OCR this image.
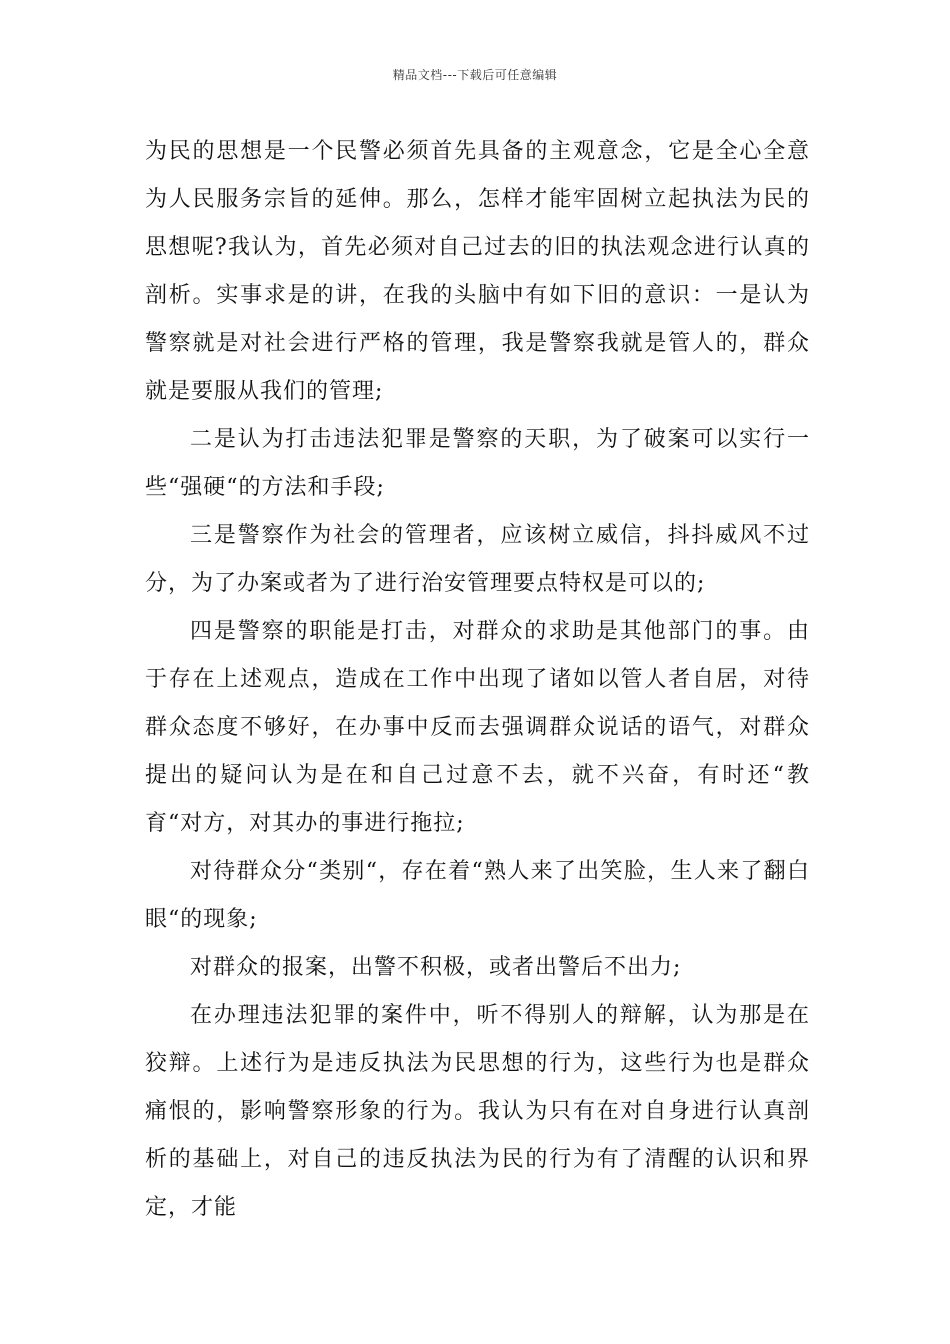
精品文档---下载后可任意编辑

为民的思想是一个民警必须首先具备的主观意念，它是全心全意为人民服务宗旨的延伸。那么，怎样才能牢固树立起执法为民的思想呢?我认为，首先必须对自己过去的旧的执法观念进行认真的剖析。实事求是的讲，在我的头脑中有如下旧的意识：一是认为警察就是对社会进行严格的管理，我是警察我就是管人的，群众就是要服从我们的管理;

二是认为打击违法犯罪是警察的天职，为了破案可以实行一些“强硬“的方法和手段;

三是警察作为社会的管理者，应该树立威信，抖抖威风不过分，为了办案或者为了进行治安管理要点特权是可以的;

四是警察的职能是打击，对群众的求助是其他部门的事。由于存在上述观点，造成在工作中出现了诸如以管人者自居，对待群众态度不够好，在办事中反而去强调群众说话的语气，对群众提出的疑问认为是在和自己过意不去，就不兴奋，有时还“教育“对方，对其办的事进行拖拉;

对待群众分“类别“，存在着“熟人来了出笑脸，生人来了翻白眼“的现象;

对群众的报案，出警不积极，或者出警后不出力;

在办理违法犯罪的案件中，听不得别人的辩解，认为那是在狡辩。上述行为是违反执法为民思想的行为，这些行为也是群众痛恨的，影响警察形象的行为。我认为只有在对自身进行认真剖析的基础上，对自己的违反执法为民的行为有了清醒的认识和界定，才能
